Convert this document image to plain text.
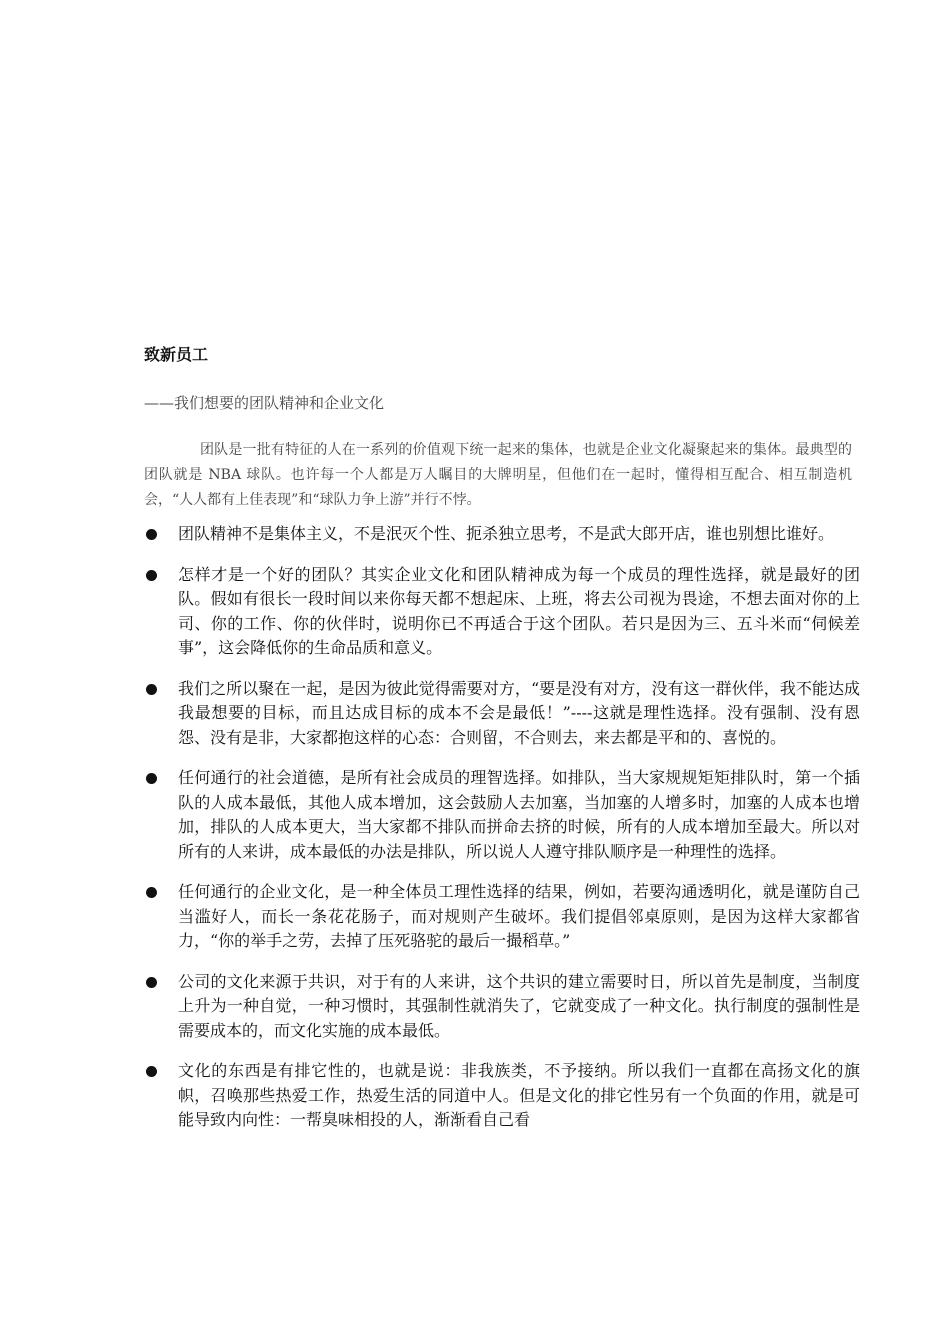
致新员工
——我们想要的团队精神和企业文化
团队是一批有特征的人在一系列的价值观下统一起来的集体，也就是企业文化凝聚起来的集体。最典型的团队就是 NBA 球队。也许每一个人都是万人瞩目的大牌明星，但他们在一起时，懂得相互配合、相互制造机会，“人人都有上佳表现”和“球队力争上游”并行不悖。
团队精神不是集体主义，不是泯灭个性、扼杀独立思考，不是武大郎开店，谁也别想比谁好。
怎样才是一个好的团队？其实企业文化和团队精神成为每一个成员的理性选择，就是最好的团队。假如有很长一段时间以来你每天都不想起床、上班，将去公司视为畏途，不想去面对你的上司、你的工作、你的伙伴时，说明你已不再适合于这个团队。若只是因为三、五斗米而“伺候差事”，这会降低你的生命品质和意义。
我们之所以聚在一起，是因为彼此觉得需要对方，“要是没有对方，没有这一群伙伴，我不能达成我最想要的目标，而且达成目标的成本不会是最低！”----这就是理性选择。没有强制、没有恩怨、没有是非，大家都抱这样的心态：合则留，不合则去，来去都是平和的、喜悦的。
任何通行的社会道德，是所有社会成员的理智选择。如排队，当大家规规矩矩排队时，第一个插队的人成本最低，其他人成本增加，这会鼓励人去加塞，当加塞的人增多时，加塞的人成本也增加，排队的人成本更大，当大家都不排队而拼命去挤的时候，所有的人成本增加至最大。所以对所有的人来讲，成本最低的办法是排队，所以说人人遵守排队顺序是一种理性的选择。
任何通行的企业文化，是一种全体员工理性选择的结果，例如，若要沟通透明化，就是谨防自己当滥好人，而长一条花花肠子，而对规则产生破坏。我们提倡邻桌原则，是因为这样大家都省力，“你的举手之劳，去掉了压死骆驼的最后一撮稻草。”
公司的文化来源于共识，对于有的人来讲，这个共识的建立需要时日，所以首先是制度，当制度上升为一种自觉，一种习惯时，其强制性就消失了，它就变成了一种文化。执行制度的强制性是需要成本的，而文化实施的成本最低。
文化的东西是有排它性的，也就是说：非我族类，不予接纳。所以我们一直都在高扬文化的旗帜，召唤那些热爱工作，热爱生活的同道中人。但是文化的排它性另有一个负面的作用，就是可能导致内向性：一帮臭味相投的人，渐渐看自己看
